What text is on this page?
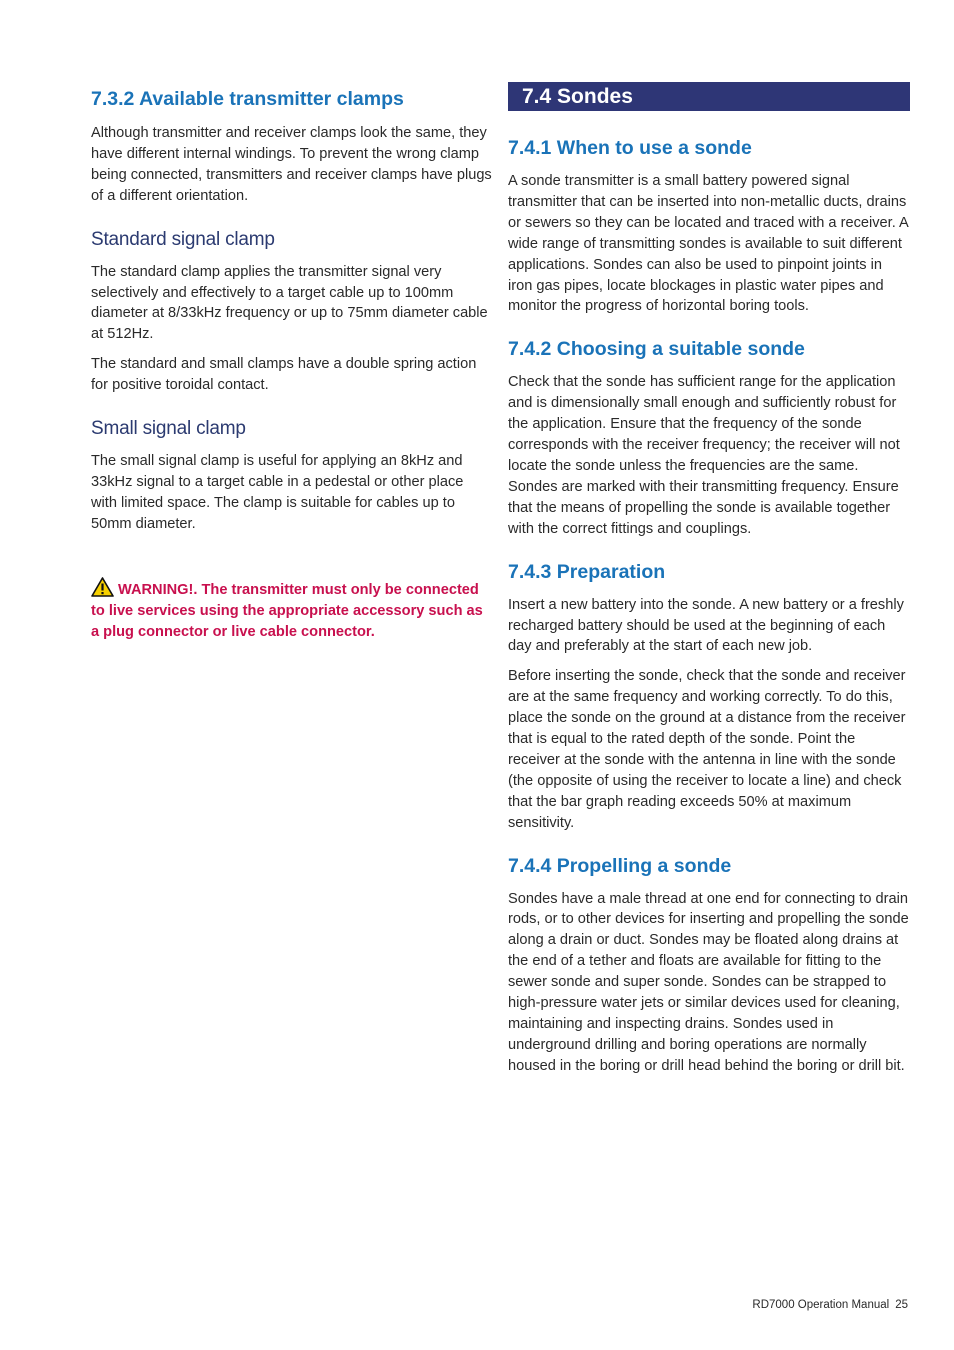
7.3.2 Available transmitter clamps

Although transmitter and receiver clamps look the same, they have different internal windings. To prevent the wrong clamp being connected, transmitters and receiver clamps have plugs of a different orientation.

Standard signal clamp

The standard clamp applies the transmitter signal very selectively and effectively to a target cable up to 100mm diameter at 8/33kHz frequency or up to 75mm diameter cable at 512Hz.

The standard and small clamps have a double spring action for positive toroidal contact.

Small signal clamp

The small signal clamp is useful for applying an 8kHz and 33kHz signal to a target cable in a pedestal or other place with limited space. The clamp is suitable for cables up to 50mm diameter.

WARNING!. The transmitter must only be connected to live services using the appropriate accessory such as a plug connector or live cable connector.

7.4 Sondes
7.4.1 When to use a sonde

A sonde transmitter is a small battery powered signal transmitter that can be inserted into non-metallic ducts, drains or sewers so they can be located and traced with a receiver. A wide range of transmitting sondes is available to suit different applications. Sondes can also be used to pinpoint joints in iron gas pipes, locate blockages in plastic water pipes and monitor the progress of horizontal boring tools.

7.4.2 Choosing a suitable sonde

Check that the sonde has sufficient range for the application and is dimensionally small enough and sufficiently robust for the application. Ensure that the frequency of the sonde corresponds with the receiver frequency; the receiver will not locate the sonde unless the frequencies are the same. Sondes are marked with their transmitting frequency. Ensure that the means of propelling the sonde is available together with the correct fittings and couplings.

7.4.3 Preparation

Insert a new battery into the sonde. A new battery or a freshly recharged battery should be used at the beginning of each day and preferably at the start of each new job.

Before inserting the sonde, check that the sonde and receiver are at the same frequency and working correctly. To do this, place the sonde on the ground at a distance from the receiver that is equal to the rated depth of the sonde. Point the receiver at the sonde with the antenna in line with the sonde (the opposite of using the receiver to locate a line) and check that the bar graph reading exceeds 50% at maximum sensitivity.

7.4.4 Propelling a sonde

Sondes have a male thread at one end for connecting to drain rods, or to other devices for inserting and propelling the sonde along a drain or duct. Sondes may be floated along drains at the end of a tether and floats are available for fitting to the sewer sonde and super sonde. Sondes can be strapped to high-pressure water jets or similar devices used for cleaning, maintaining and inspecting drains. Sondes used in underground drilling and boring operations are normally housed in the boring or drill head behind the boring or drill bit.

RD7000 Operation Manual 25
